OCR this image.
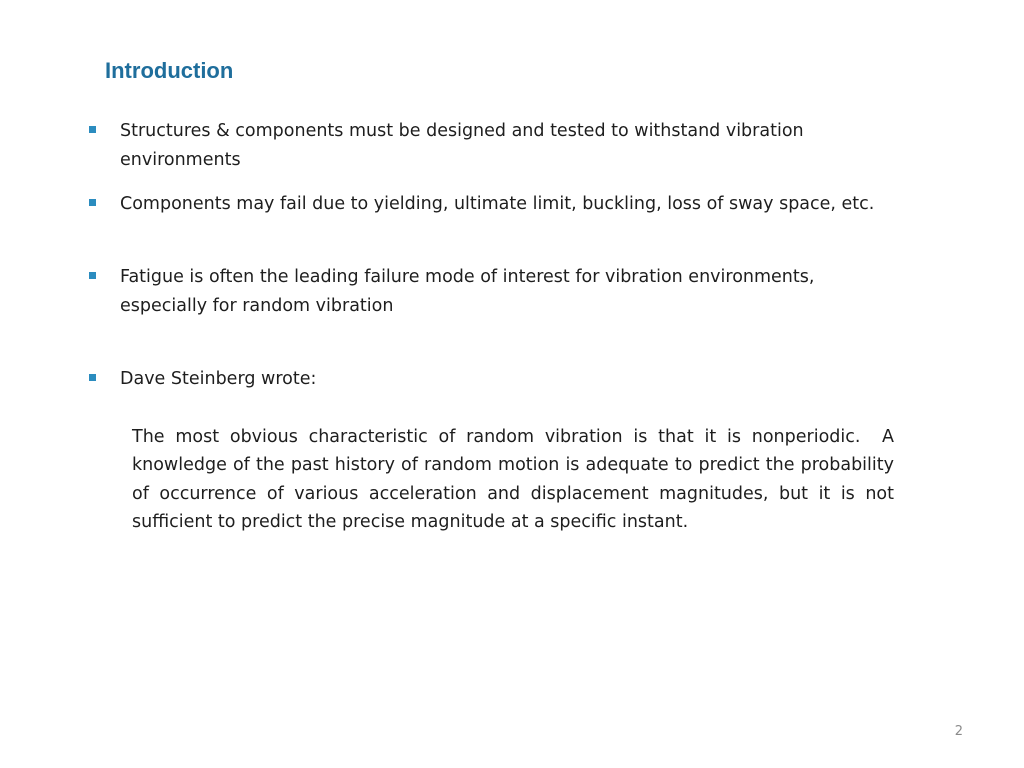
Introduction
Structures & components must be designed and tested to withstand vibration environments
Components may fail due to yielding, ultimate limit, buckling, loss of sway space, etc.
Fatigue is often the leading failure mode of interest for vibration environments, especially for random vibration
Dave Steinberg wrote:
The most obvious characteristic of random vibration is that it is nonperiodic.  A knowledge of the past history of random motion is adequate to predict the probability of occurrence of various acceleration and displacement magnitudes, but it is not sufficient to predict the precise magnitude at a specific instant.
2
